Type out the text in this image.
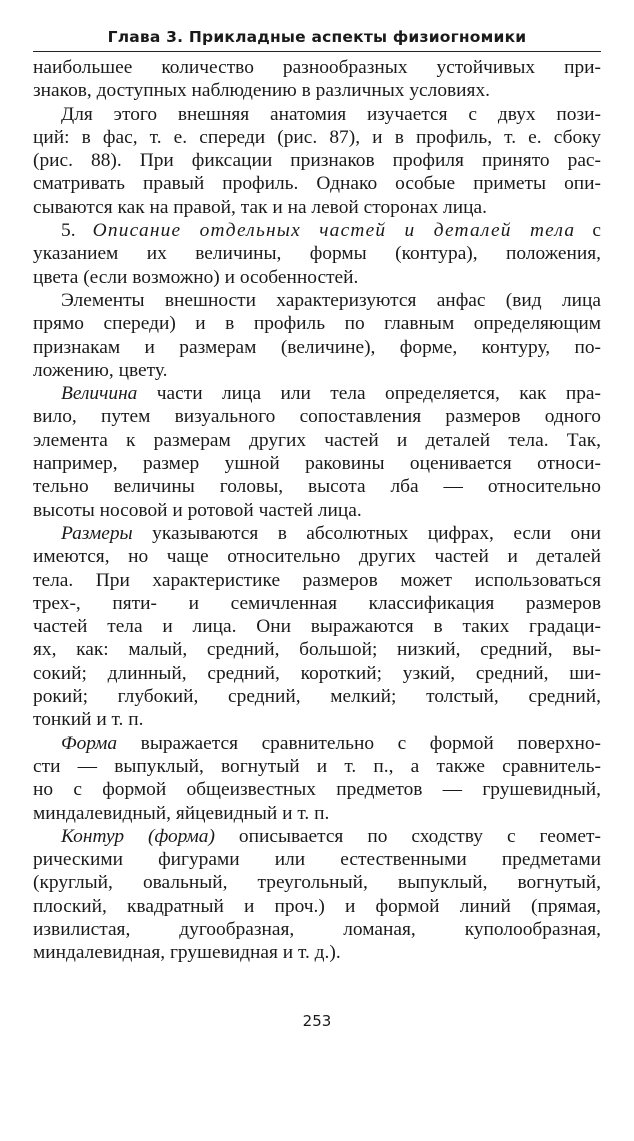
Глава 3. Прикладные аспекты физиогномики
наибольшее количество разнообразных устойчивых при-
знаков, доступных наблюдению в различных условиях.
Для этого внешняя анатомия изучается с двух пози-
ций: в фас, т. е. спереди (рис. 87), и в профиль, т. е. сбоку
(рис. 88). При фиксации признаков профиля принято рас-
сматривать правый профиль. Однако особые приметы опи-
сываются как на правой, так и на левой сторонах лица.
5. Описание отдельных частей и деталей тела с
указанием их величины, формы (контура), положения,
цвета (если возможно) и особенностей.
Элементы внешности характеризуются анфас (вид лица
прямо спереди) и в профиль по главным определяющим
признакам и размерам (величине), форме, контуру, по-
ложению, цвету.
Величина части лица или тела определяется, как пра-
вило, путем визуального сопоставления размеров одного
элемента к размерам других частей и деталей тела. Так,
например, размер ушной раковины оценивается относи-
тельно величины головы, высота лба — относительно
высоты носовой и ротовой частей лица.
Размеры указываются в абсолютных цифрах, если они
имеются, но чаще относительно других частей и деталей
тела. При характеристике размеров может использоваться
трех-, пяти- и семичленная классификация размеров
частей тела и лица. Они выражаются в таких градаци-
ях, как: малый, средний, большой; низкий, средний, вы-
сокий; длинный, средний, короткий; узкий, средний, ши-
рокий; глубокий, средний, мелкий; толстый, средний,
тонкий и т. п.
Форма выражается сравнительно с формой поверхно-
сти — выпуклый, вогнутый и т. п., а также сравнитель-
но с формой общеизвестных предметов — грушевидный,
миндалевидный, яйцевидный и т. п.
Контур (форма) описывается по сходству с геомет-
рическими фигурами или естественными предметами
(круглый, овальный, треугольный, выпуклый, вогнутый,
плоский, квадратный и проч.) и формой линий (прямая,
извилистая, дугообразная, ломаная, куполообразная,
миндалевидная, грушевидная и т. д.).
253
